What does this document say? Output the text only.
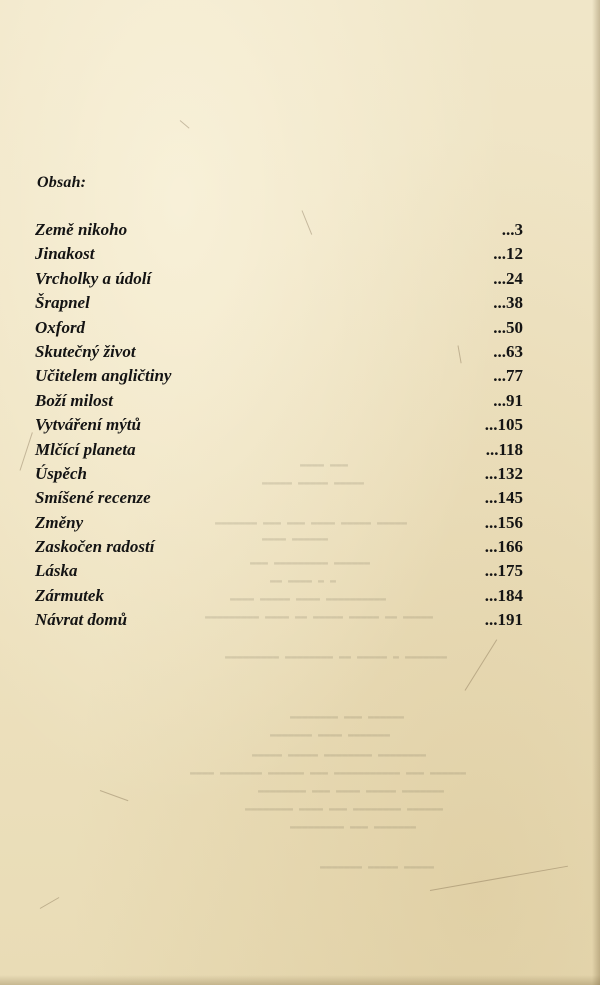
▬▬▬ ▬▬▬▬
▬▬▬▬▬ ▬▬▬▬▬ ▬▬▬▬▬
▬▬▬▬▬ ▬▬▬▬▬ ▬▬▬▬ ▬▬▬ ▬▬▬ ▬▬▬▬▬▬▬
▬▬▬▬▬▬ ▬▬▬▬
▬▬▬▬▬▬ ▬▬▬▬▬▬▬▬▬ ▬▬▬
▬ ▬ ▬▬▬▬ ▬▬
▬▬▬▬▬▬▬▬▬▬ ▬▬▬▬ ▬▬▬▬▬ ▬▬▬▬
▬▬▬▬▬ ▬▬ ▬▬▬▬▬ ▬▬▬▬▬ ▬▬ ▬▬▬▬ ▬▬▬▬▬▬▬▬▬
▬▬▬▬▬▬▬ ▬ ▬▬▬▬▬ ▬▬ ▬▬▬▬▬▬▬▬ ▬▬▬▬▬▬▬▬▬
▬▬▬▬▬▬ ▬▬▬ ▬▬▬▬▬▬▬▬
▬▬▬▬▬▬▬ ▬▬▬▬ ▬▬▬▬▬▬▬
▬▬▬▬▬▬▬▬ ▬▬▬▬▬▬▬▬ ▬▬▬▬▬ ▬▬▬▬▬
▬▬▬▬▬▬ ▬▬▬ ▬▬▬▬▬▬▬▬▬▬▬ ▬▬▬ ▬▬▬▬▬▬ ▬▬▬▬▬▬▬ ▬▬▬▬
▬▬▬▬▬▬▬ ▬▬▬▬▬ ▬▬▬▬ ▬▬▬ ▬▬▬▬▬▬▬▬
▬▬▬▬▬▬ ▬▬▬▬▬▬▬▬ ▬▬▬ ▬▬▬▬ ▬▬▬▬▬▬▬▬
▬▬▬▬▬▬▬ ▬▬▬ ▬▬▬▬▬▬▬▬▬
▬▬▬▬▬ ▬▬▬▬▬ ▬▬▬▬▬▬▬
Obsah:
Země nikoho	...3
Jinakost	...12
Vrcholky a údolí	...24
Šrapnel	...38
Oxford	...50
Skutečný život	...63
Učitelem angličtiny	...77
Boží milost	...91
Vytváření mýtů	...105
Mlčící planeta	...118
Úspěch	...132
Smíšené recenze	...145
Změny	...156
Zaskočen radostí	...166
Láska	...175
Zármutek	...184
Návrat domů	...191
